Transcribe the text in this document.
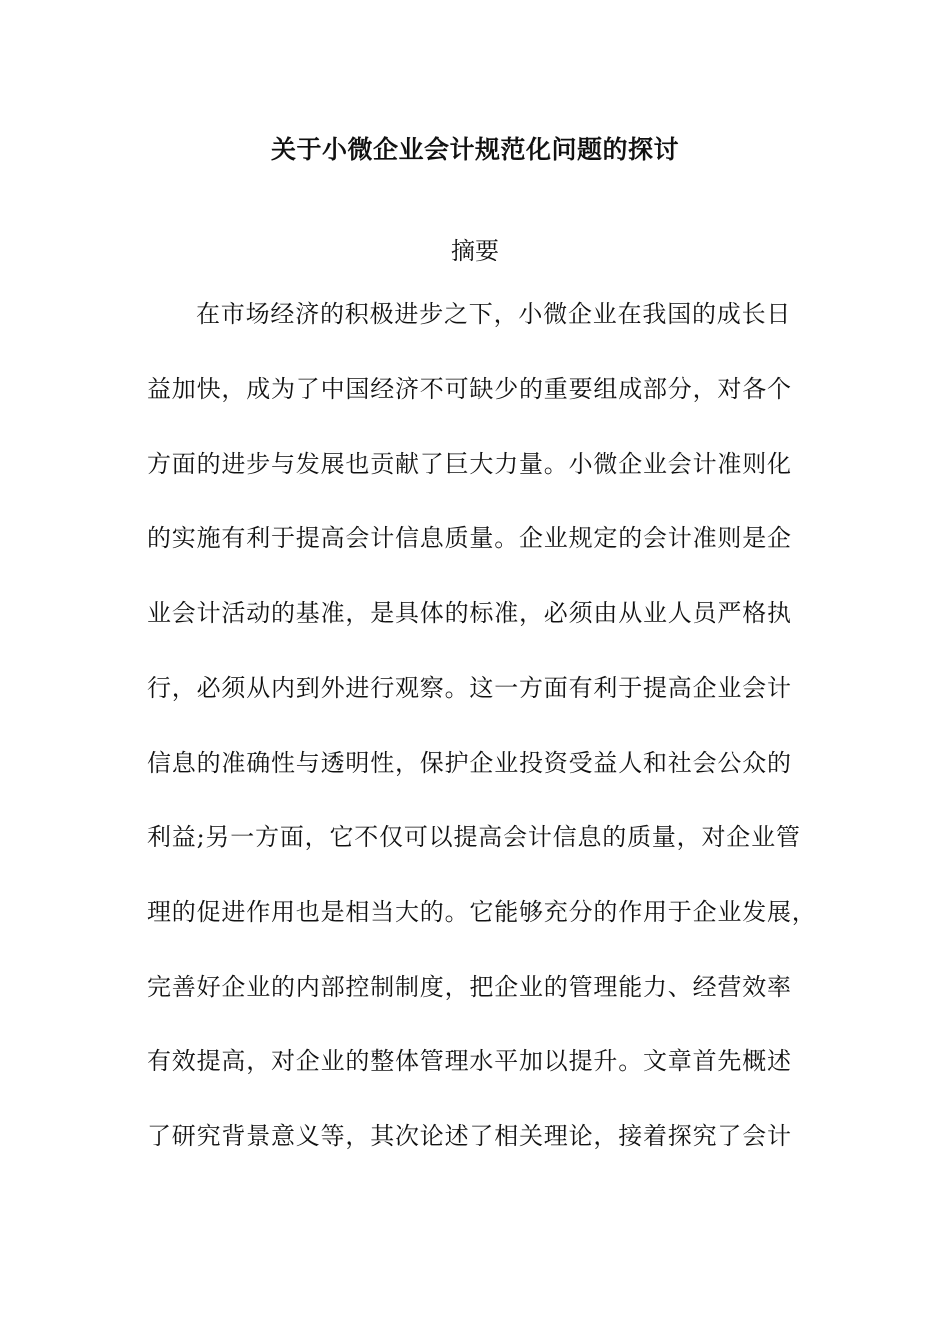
关于小微企业会计规范化问题的探讨
摘要
在市场经济的积极进步之下，小微企业在我国的成长日
益加快，成为了中国经济不可缺少的重要组成部分，对各个
方面的进步与发展也贡献了巨大力量。小微企业会计准则化
的实施有利于提高会计信息质量。企业规定的会计准则是企
业会计活动的基准，是具体的标准，必须由从业人员严格执
行，必须从内到外进行观察。这一方面有利于提高企业会计
信息的准确性与透明性，保护企业投资受益人和社会公众的
利益;另一方面，它不仅可以提高会计信息的质量，对企业管
理的促进作用也是相当大的。它能够充分的作用于企业发展，
完善好企业的内部控制制度，把企业的管理能力、经营效率
有效提高，对企业的整体管理水平加以提升。文章首先概述
了研究背景意义等，其次论述了相关理论，接着探究了会计
